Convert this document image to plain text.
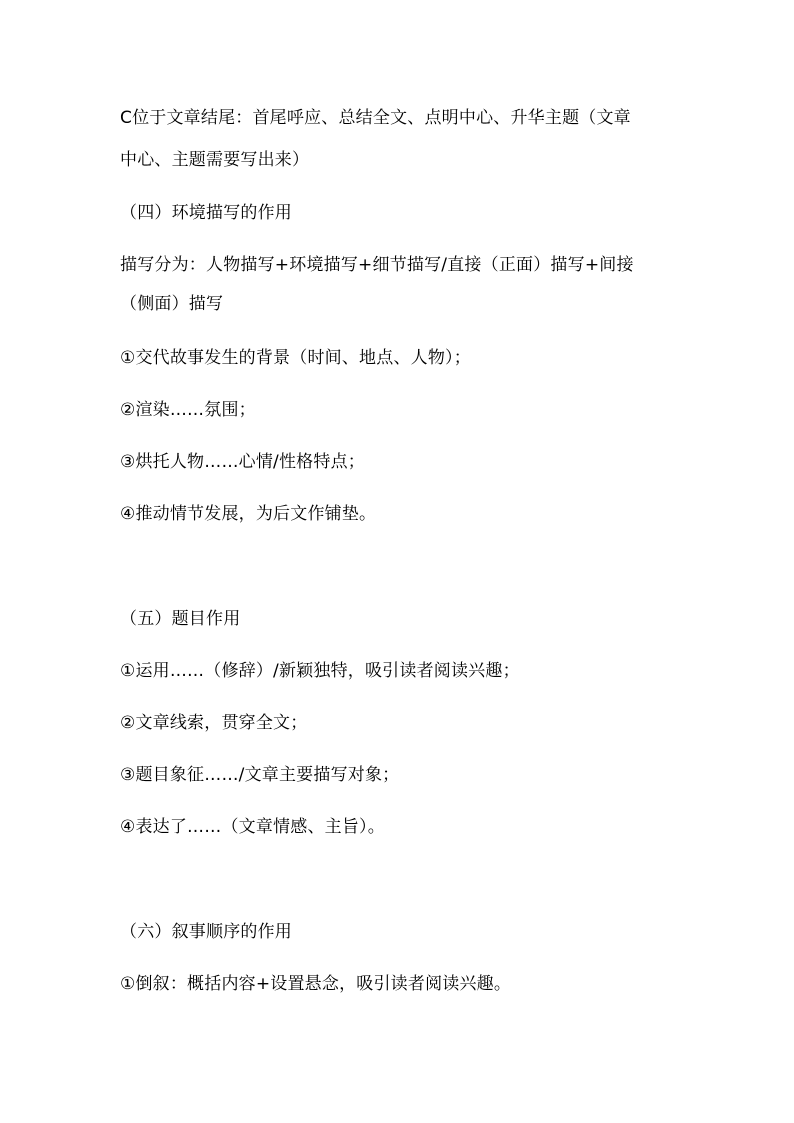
C位于文章结尾：首尾呼应、总结全文、点明中心、升华主题（文章
中心、主题需要写出来）
（四）环境描写的作用
描写分为：人物描写+环境描写+细节描写/直接（正面）描写+间接
（侧面）描写
①交代故事发生的背景（时间、地点、人物）；
②渲染……氛围；
③烘托人物……心情/性格特点；
④推动情节发展，为后文作铺垫。
（五）题目作用
①运用……（修辞）/新颖独特，吸引读者阅读兴趣；
②文章线索，贯穿全文；
③题目象征……/文章主要描写对象；
④表达了……（文章情感、主旨）。
（六）叙事顺序的作用
①倒叙：概括内容+设置悬念，吸引读者阅读兴趣。
